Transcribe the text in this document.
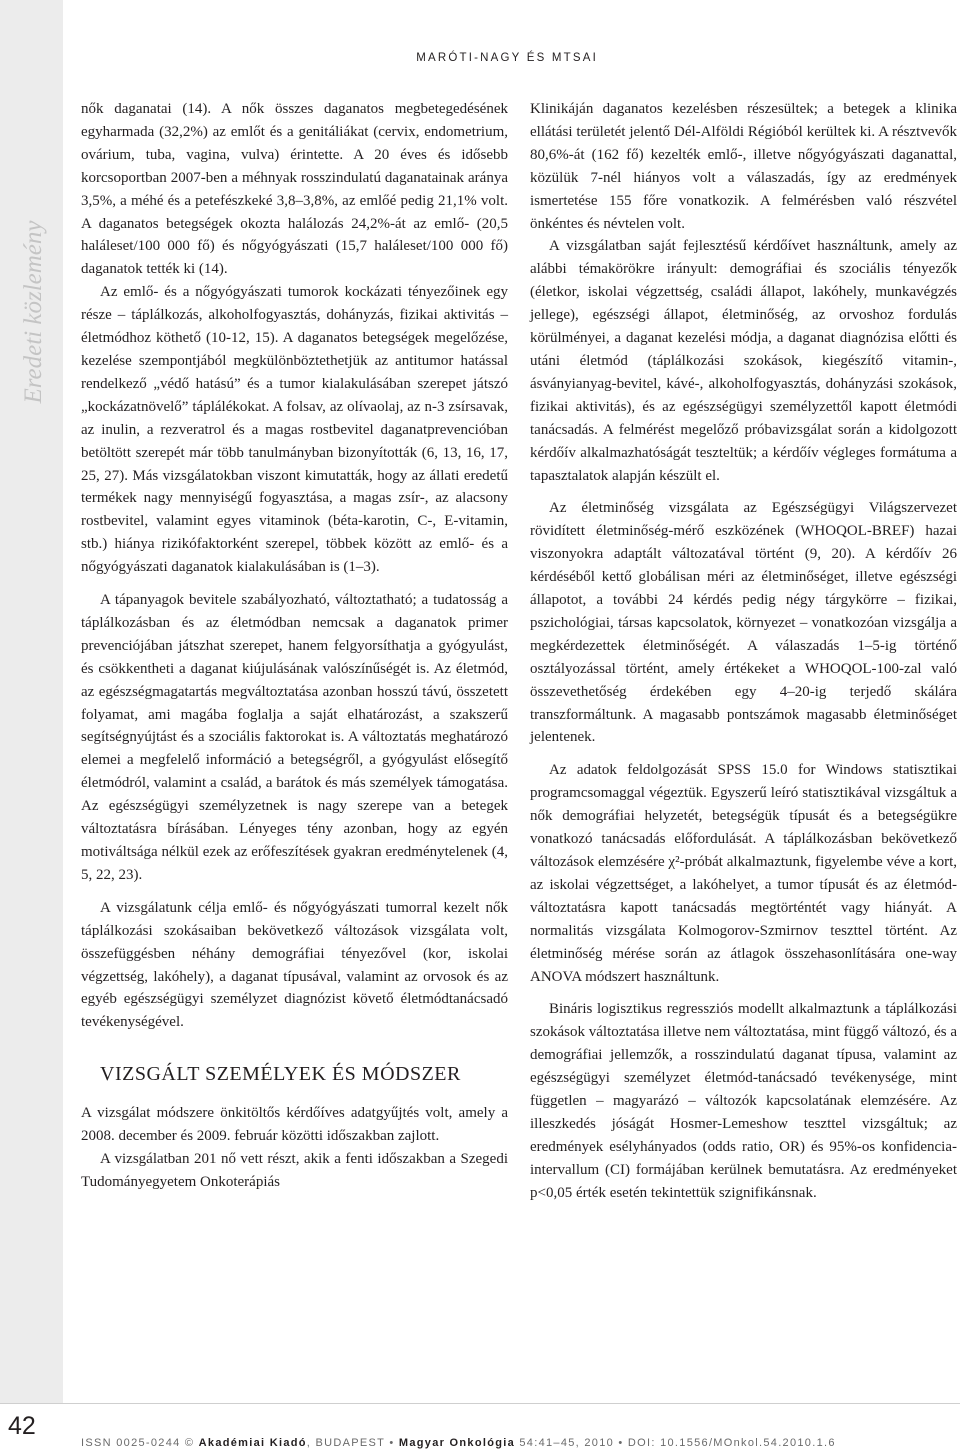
MARÓTI-NAGY ÉS MTSAI
Eredeti közlemény

nők daganatai (14). A nők összes daganatos megbetegedésének egyharmada (32,2%) az emlőt és a genitáliákat (cervix, endometrium, ovárium, tuba, vagina, vulva) érintette. A 20 éves és idősebb korcsoportban 2007-ben a méhnyak rosszindulatú daganatainak aránya 3,5%, a méhé és a petefészkeké 3,8–3,8%, az emlőé pedig 21,1% volt. A daganatos betegségek okozta halálozás 24,2%-át az emlő- (20,5 haláleset/100 000 fő) és nőgyógyászati (15,7 haláleset/100 000 fő) daganatok tették ki (14).

Az emlő- és a nőgyógyászati tumorok kockázati tényezőinek egy része – táplálkozás, alkoholfogyasztás, dohányzás, fizikai aktivitás – életmódhoz köthető (10-12, 15). A daganatos betegségek megelőzése, kezelése szempontjából megkülönböztethetjük az antitumor hatással rendelkező „védő hatású” és a tumor kialakulásában szerepet játszó „kockázatnövelő” táplálékokat. A folsav, az olívaolaj, az n-3 zsírsavak, az inulin, a rezveratrol és a magas rostbevitel daganatprevencióban betöltött szerepét már több tanulmányban bizonyították (6, 13, 16, 17, 25, 27). Más vizsgálatokban viszont kimutatták, hogy az állati eredetű termékek nagy mennyiségű fogyasztása, a magas zsír-, az alacsony rostbevitel, valamint egyes vitaminok (béta-karotin, C-, E-vitamin, stb.) hiánya rizikófaktorként szerepel, többek között az emlő- és a nőgyógyászati daganatok kialakulásában is (1–3).

A tápanyagok bevitele szabályozható, változtatható; a tudatosság a táplálkozásban és az életmódban nemcsak a daganatok primer prevenciójában játszhat szerepet, hanem felgyorsíthatja a gyógyulást, és csökkentheti a daganat kiújulásának valószínűségét is. Az életmód, az egészségmagatartás megváltoztatása azonban hosszú távú, összetett folyamat, ami magába foglalja a saját elhatározást, a szakszerű segítségnyújtást és a szociális faktorokat is. A változtatás meghatározó elemei a megfelelő információ a betegségről, a gyógyulást elősegítő életmódról, valamint a család, a barátok és más személyek támogatása. Az egészségügyi személyzetnek is nagy szerepe van a betegek változtatásra bírásában. Lényeges tény azonban, hogy az egyén motiváltsága nélkül ezek az erőfeszítések gyakran eredménytelenek (4, 5, 22, 23).

A vizsgálatunk célja emlő- és nőgyógyászati tumorral kezelt nők táplálkozási szokásaiban bekövetkező változások vizsgálata volt, összefüggésben néhány demográfiai tényezővel (kor, iskolai végzettség, lakóhely), a daganat típusával, valamint az orvosok és az egyéb egészségügyi személyzet diagnózist követő életmódtanácsadó tevékenységével.

VIZSGÁLT SZEMÉLYEK ÉS MÓDSZER

A vizsgálat módszere önkitöltős kérdőíves adatgyűjtés volt, amely a 2008. december és 2009. február közötti időszakban zajlott.

A vizsgálatban 201 nő vett részt, akik a fenti időszakban a Szegedi Tudományegyetem Onkoterápiás

Klinikáján daganatos kezelésben részesültek; a betegek a klinika ellátási területét jelentő Dél-Alföldi Régióból kerültek ki. A résztvevők 80,6%-át (162 fő) kezelték emlő-, illetve nőgyógyászati daganattal, közülük 7-nél hiányos volt a válaszadás, így az eredmények ismertetése 155 főre vonatkozik. A felmérésben való részvétel önkéntes és névtelen volt.

A vizsgálatban saját fejlesztésű kérdőívet használtunk, amely az alábbi témakörökre irányult: demográfiai és szociális tényezők (életkor, iskolai végzettség, családi állapot, lakóhely, munkavégzés jellege), egészségi állapot, életminőség, az orvoshoz fordulás körülményei, a daganat kezelési módja, a daganat diagnózisa előtti és utáni életmód (táplálkozási szokások, kiegészítő vitamin-, ásványianyag-bevitel, kávé-, alkoholfogyasztás, dohányzási szokások, fizikai aktivitás), és az egészségügyi személyzettől kapott életmódi tanácsadás. A felmérést megelőző próbavizsgálat során a kidolgozott kérdőív alkalmazhatóságát teszteltük; a kérdőív végleges formátuma a tapasztalatok alapján készült el.

Az életminőség vizsgálata az Egészségügyi Világszervezet rövidített életminőség-mérő eszközének (WHOQOL-BREF) hazai viszonyokra adaptált változatával történt (9, 20). A kérdőív 26 kérdéséből kettő globálisan méri az életminőséget, illetve egészségi állapotot, a további 24 kérdés pedig négy tárgykörre – fizikai, pszichológiai, társas kapcsolatok, környezet – vonatkozóan vizsgálja a megkérdezettek életminőségét. A válaszadás 1–5-ig történő osztályozással történt, amely értékeket a WHOQOL-100-zal való összevethetőség érdekében egy 4–20-ig terjedő skálára transzformáltunk. A magasabb pontszámok magasabb életminőséget jelentenek.

Az adatok feldolgozását SPSS 15.0 for Windows statisztikai programcsomaggal végeztük. Egyszerű leíró statisztikával vizsgáltuk a nők demográfiai helyzetét, betegségük típusát és a betegségükre vonatkozó tanácsadás előfordulását. A táplálkozásban bekövetkező változások elemzésére χ²-próbát alkalmaztunk, figyelembe véve a kort, az iskolai végzettséget, a lakóhelyet, a tumor típusát és az életmód-változtatásra kapott tanácsadás megtörténtét vagy hiányát. A normalitás vizsgálata Kolmogorov-Szmirnov teszttel történt. Az életminőség mérése során az átlagok összehasonlítására one-way ANOVA módszert használtunk.

Bináris logisztikus regressziós modellt alkalmaztunk a táplálkozási szokások változtatása illetve nem változtatása, mint függő változó, és a demográfiai jellemzők, a rosszindulatú daganat típusa, valamint az egészségügyi személyzet életmód-tanácsadó tevékenysége, mint független – magyarázó – változók kapcsolatának elemzésére. Az illeszkedés jóságát Hosmer-Lemeshow teszttel vizsgáltuk; az eredmények esélyhányados (odds ratio, OR) és 95%-os konfidencia-intervallum (CI) formájában kerülnek bemutatásra. Az eredményeket p<0,05 érték esetén tekintettük szignifikánsnak.

42
ISSN 0025-0244 © Akadémiai Kiadó, BUDAPEST • Magyar Onkológia 54:41–45, 2010 • DOI: 10.1556/MOnkol.54.2010.1.6
